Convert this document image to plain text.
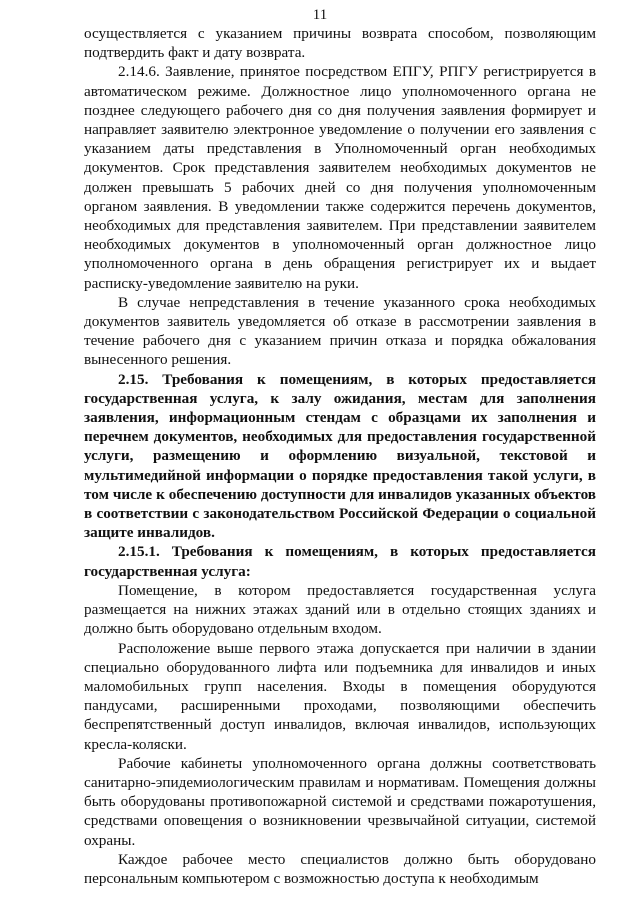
11

осуществляется с указанием причины возврата способом, позволяющим подтвердить факт и дату возврата.

2.14.6. Заявление, принятое посредством ЕПГУ, РПГУ регистрируется в автоматическом режиме. Должностное лицо уполномоченного органа не позднее следующего рабочего дня со дня получения заявления формирует и направляет заявителю электронное уведомление о получении его заявления с указанием даты представления в Уполномоченный орган необходимых документов. Срок представления заявителем необходимых документов не должен превышать 5 рабочих дней со дня получения уполномоченным органом заявления. В уведомлении также содержится перечень документов, необходимых для представления заявителем. При представлении заявителем необходимых документов в уполномоченный орган должностное лицо уполномоченного органа в день обращения регистрирует их и выдает расписку-уведомление заявителю на руки.

В случае непредставления в течение указанного срока необходимых документов заявитель уведомляется об отказе в рассмотрении заявления в течение рабочего дня с указанием причин отказа и порядка обжалования вынесенного решения.

2.15. Требования к помещениям, в которых предоставляется государственная услуга, к залу ожидания, местам для заполнения заявления, информационным стендам с образцами их заполнения и перечнем документов, необходимых для предоставления государственной услуги, размещению и оформлению визуальной, текстовой и мультимедийной информации о порядке предоставления такой услуги, в том числе к обеспечению доступности для инвалидов указанных объектов в соответствии с законодательством Российской Федерации о социальной защите инвалидов.

2.15.1. Требования к помещениям, в которых предоставляется государственная услуга:

Помещение, в котором предоставляется государственная услуга размещается на нижних этажах зданий или в отдельно стоящих зданиях и должно быть оборудовано отдельным входом.

Расположение выше первого этажа допускается при наличии в здании специально оборудованного лифта или подъемника для инвалидов и иных маломобильных групп населения. Входы в помещения оборудуются пандусами, расширенными проходами, позволяющими обеспечить беспрепятственный доступ инвалидов, включая инвалидов, использующих кресла-коляски.

Рабочие кабинеты уполномоченного органа должны соответствовать санитарно-эпидемиологическим правилам и нормативам. Помещения должны быть оборудованы противопожарной системой и средствами пожаротушения, средствами оповещения о возникновении чрезвычайной ситуации, системой охраны.

Каждое рабочее место специалистов должно быть оборудовано персональным компьютером с возможностью доступа к необходимым
